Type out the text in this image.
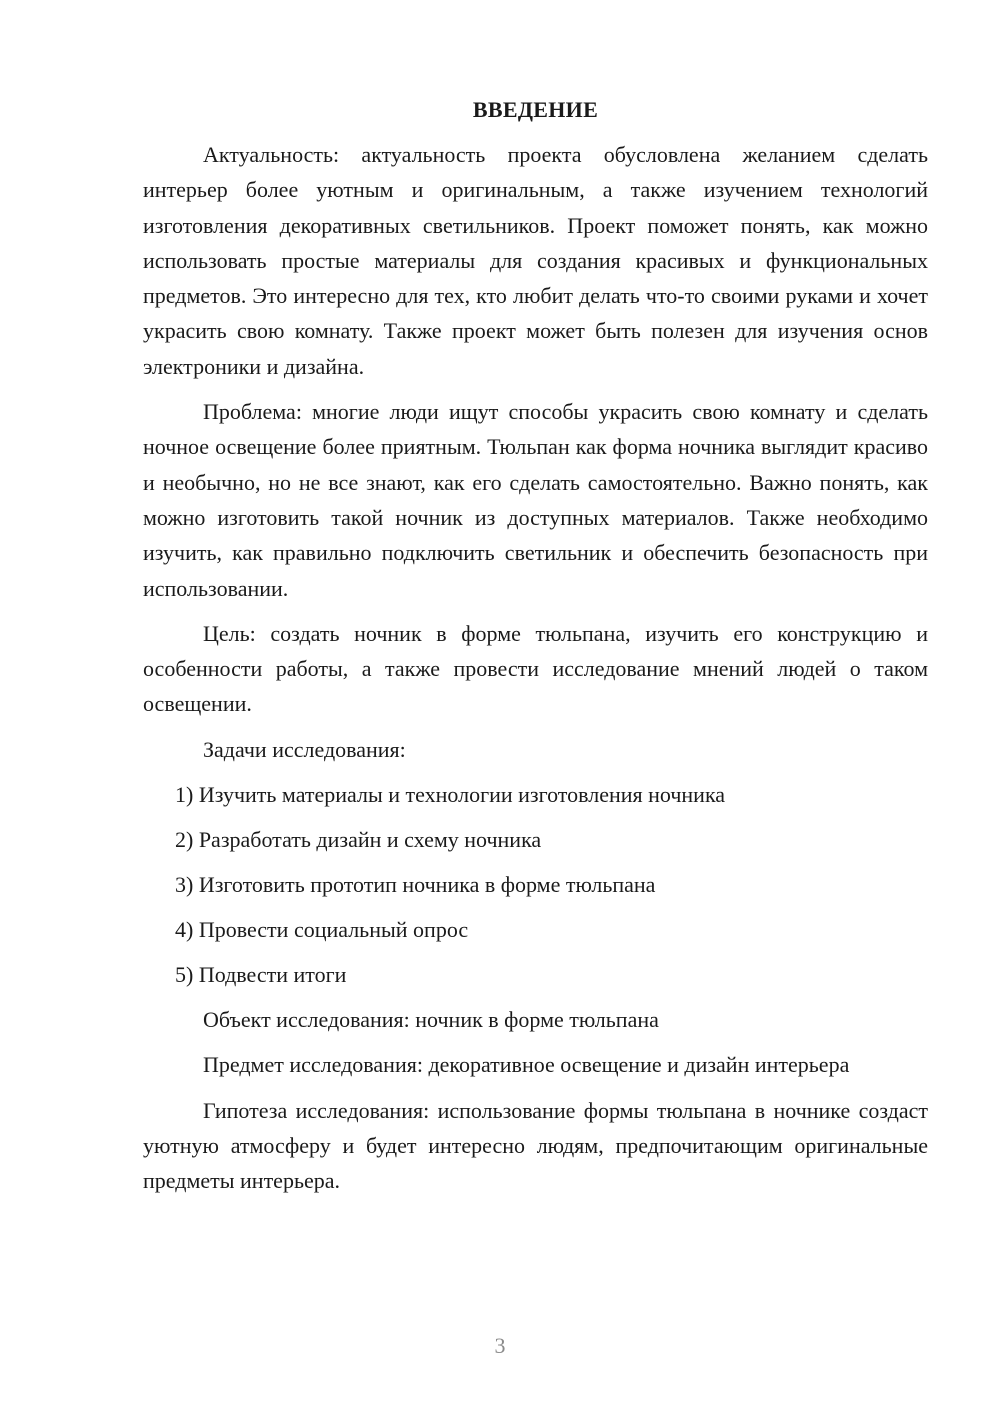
ВВЕДЕНИЕ

Актуальность: актуальность проекта обусловлена желанием сделать интерьер более уютным и оригинальным, а также изучением технологий изготовления декоративных светильников. Проект поможет понять, как можно использовать простые материалы для создания красивых и функциональных предметов. Это интересно для тех, кто любит делать что-то своими руками и хочет украсить свою комнату. Также проект может быть полезен для изучения основ электроники и дизайна.

Проблема: многие люди ищут способы украсить свою комнату и сделать ночное освещение более приятным. Тюльпан как форма ночника выглядит красиво и необычно, но не все знают, как его сделать самостоятельно. Важно понять, как можно изготовить такой ночник из доступных материалов. Также необходимо изучить, как правильно подключить светильник и обеспечить безопасность при использовании.

Цель: создать ночник в форме тюльпана, изучить его конструкцию и особенности работы, а также провести исследование мнений людей о таком освещении.

Задачи исследования:

1) Изучить материалы и технологии изготовления ночника
2) Разработать дизайн и схему ночника
3) Изготовить прототип ночника в форме тюльпана
4) Провести социальный опрос
5) Подвести итоги

Объект исследования: ночник в форме тюльпана

Предмет исследования: декоративное освещение и дизайн интерьера

Гипотеза исследования: использование формы тюльпана в ночнике создаст уютную атмосферу и будет интересно людям, предпочитающим оригинальные предметы интерьера.

3
